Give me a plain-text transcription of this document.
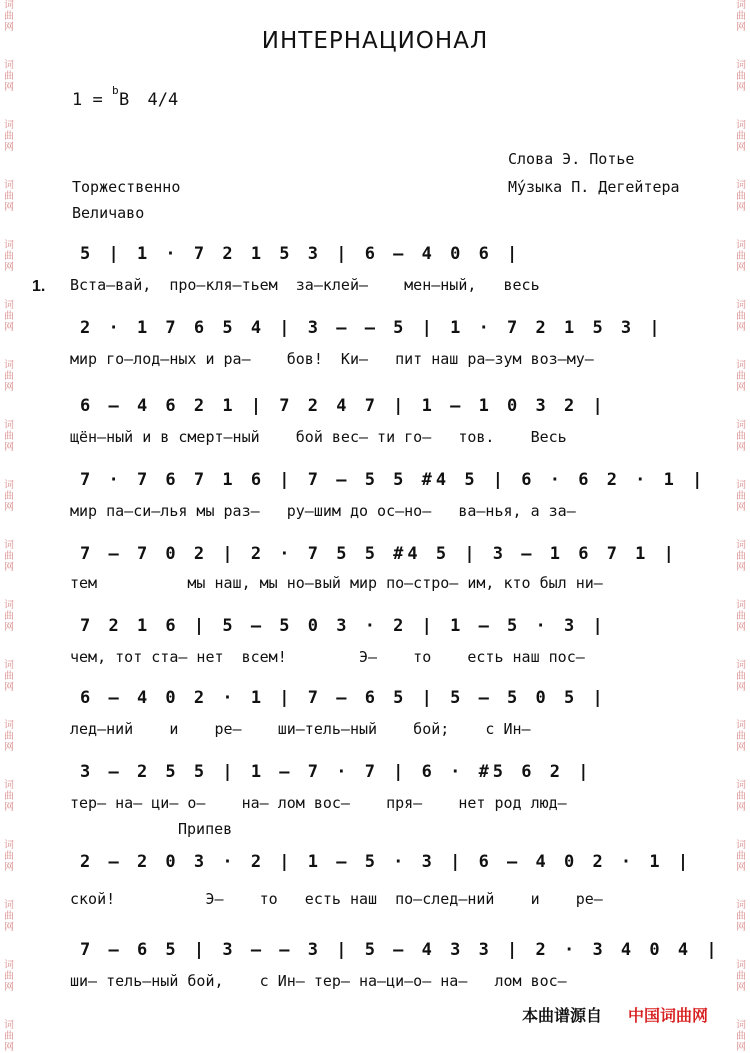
词
曲
网
词
曲
网
词
曲
网
词
曲
网
词
曲
网
词
曲
网
词
曲
网
词
曲
网
词
曲
网
词
曲
网
词
曲
网
词
曲
网
词
曲
网
词
曲
网
词
曲
网
词
曲
网
词
曲
网
词
曲
网
词
曲
网
词
曲
网
词
曲
网
词
曲
网
词
曲
网
词
曲
网
词
曲
网
词
曲
网
词
曲
网
词
曲
网
词
曲
网
词
曲
网
词
曲
网
词
曲
网
词
曲
网
词
曲
网
词
曲
网
词
曲
网
ИНТЕРНАЦИОНАЛ
1 = b B 4/4
Слова Э. Потье
Му́зыка П. Дегейтера
Торжественно
Величаво
1.
Припев
5 | 1 · 7 2 1 5 3 | 6 — 4 0 6 |
Вста–вай,  про–кля–тьем  за–клей–    мен–ный,   весь
2 · 1 7 6 5 4 | 3 — — 5 | 1 · 7 2 1 5 3 |
мир го–лод–ных и ра–    бов!  Ки–   пит наш ра–зум воз–му–
6 — 4 6 2 1 | 7 2 4 7 | 1 — 1 0 3 2 |
щён–ный и в смерт–ный    бой вес– ти го–   тов.    Весь
7 · 7 6 7 1 6 | 7 — 5 5 #4 5 | 6 · 6 2 · 1 |
мир па–си–лья мы раз–   ру–шим до ос–но–   ва–нья, а за–
7 — 7 0 2 | 2 · 7 5 5 #4 5 | 3 — 1 6 7 1 |
тем          мы наш, мы но–вый мир по–стро– им, кто был ни–
7 2 1 6 | 5 — 5 0 3 · 2 | 1 — 5 · 3 |
чем, тот ста– нет  всем!        Э–    то    есть наш пос–
6 — 4 0 2 · 1 | 7 — 6 5 | 5 — 5 0 5 |
лед–ний    и    ре–    ши–тель–ный    бой;    с Ин–
3 — 2 5 5 | 1 — 7 · 7 | 6 · #5 6 2 |
тер– на– ци– о–    на– лом вос–    пря–    нет род люд–
2 — 2 0 3 · 2 | 1 — 5 · 3 | 6 — 4 0 2 · 1 |
ской!          Э–    то   есть наш  по–след–ний    и    ре–
7 — 6 5 | 3 — — 3 | 5 — 4 3 3 | 2 · 3 4 0 4 |
ши– тель–ный бой,    с Ин– тер– на–ци–о– на–   лом вос–
本曲谱源自 中国词曲网
